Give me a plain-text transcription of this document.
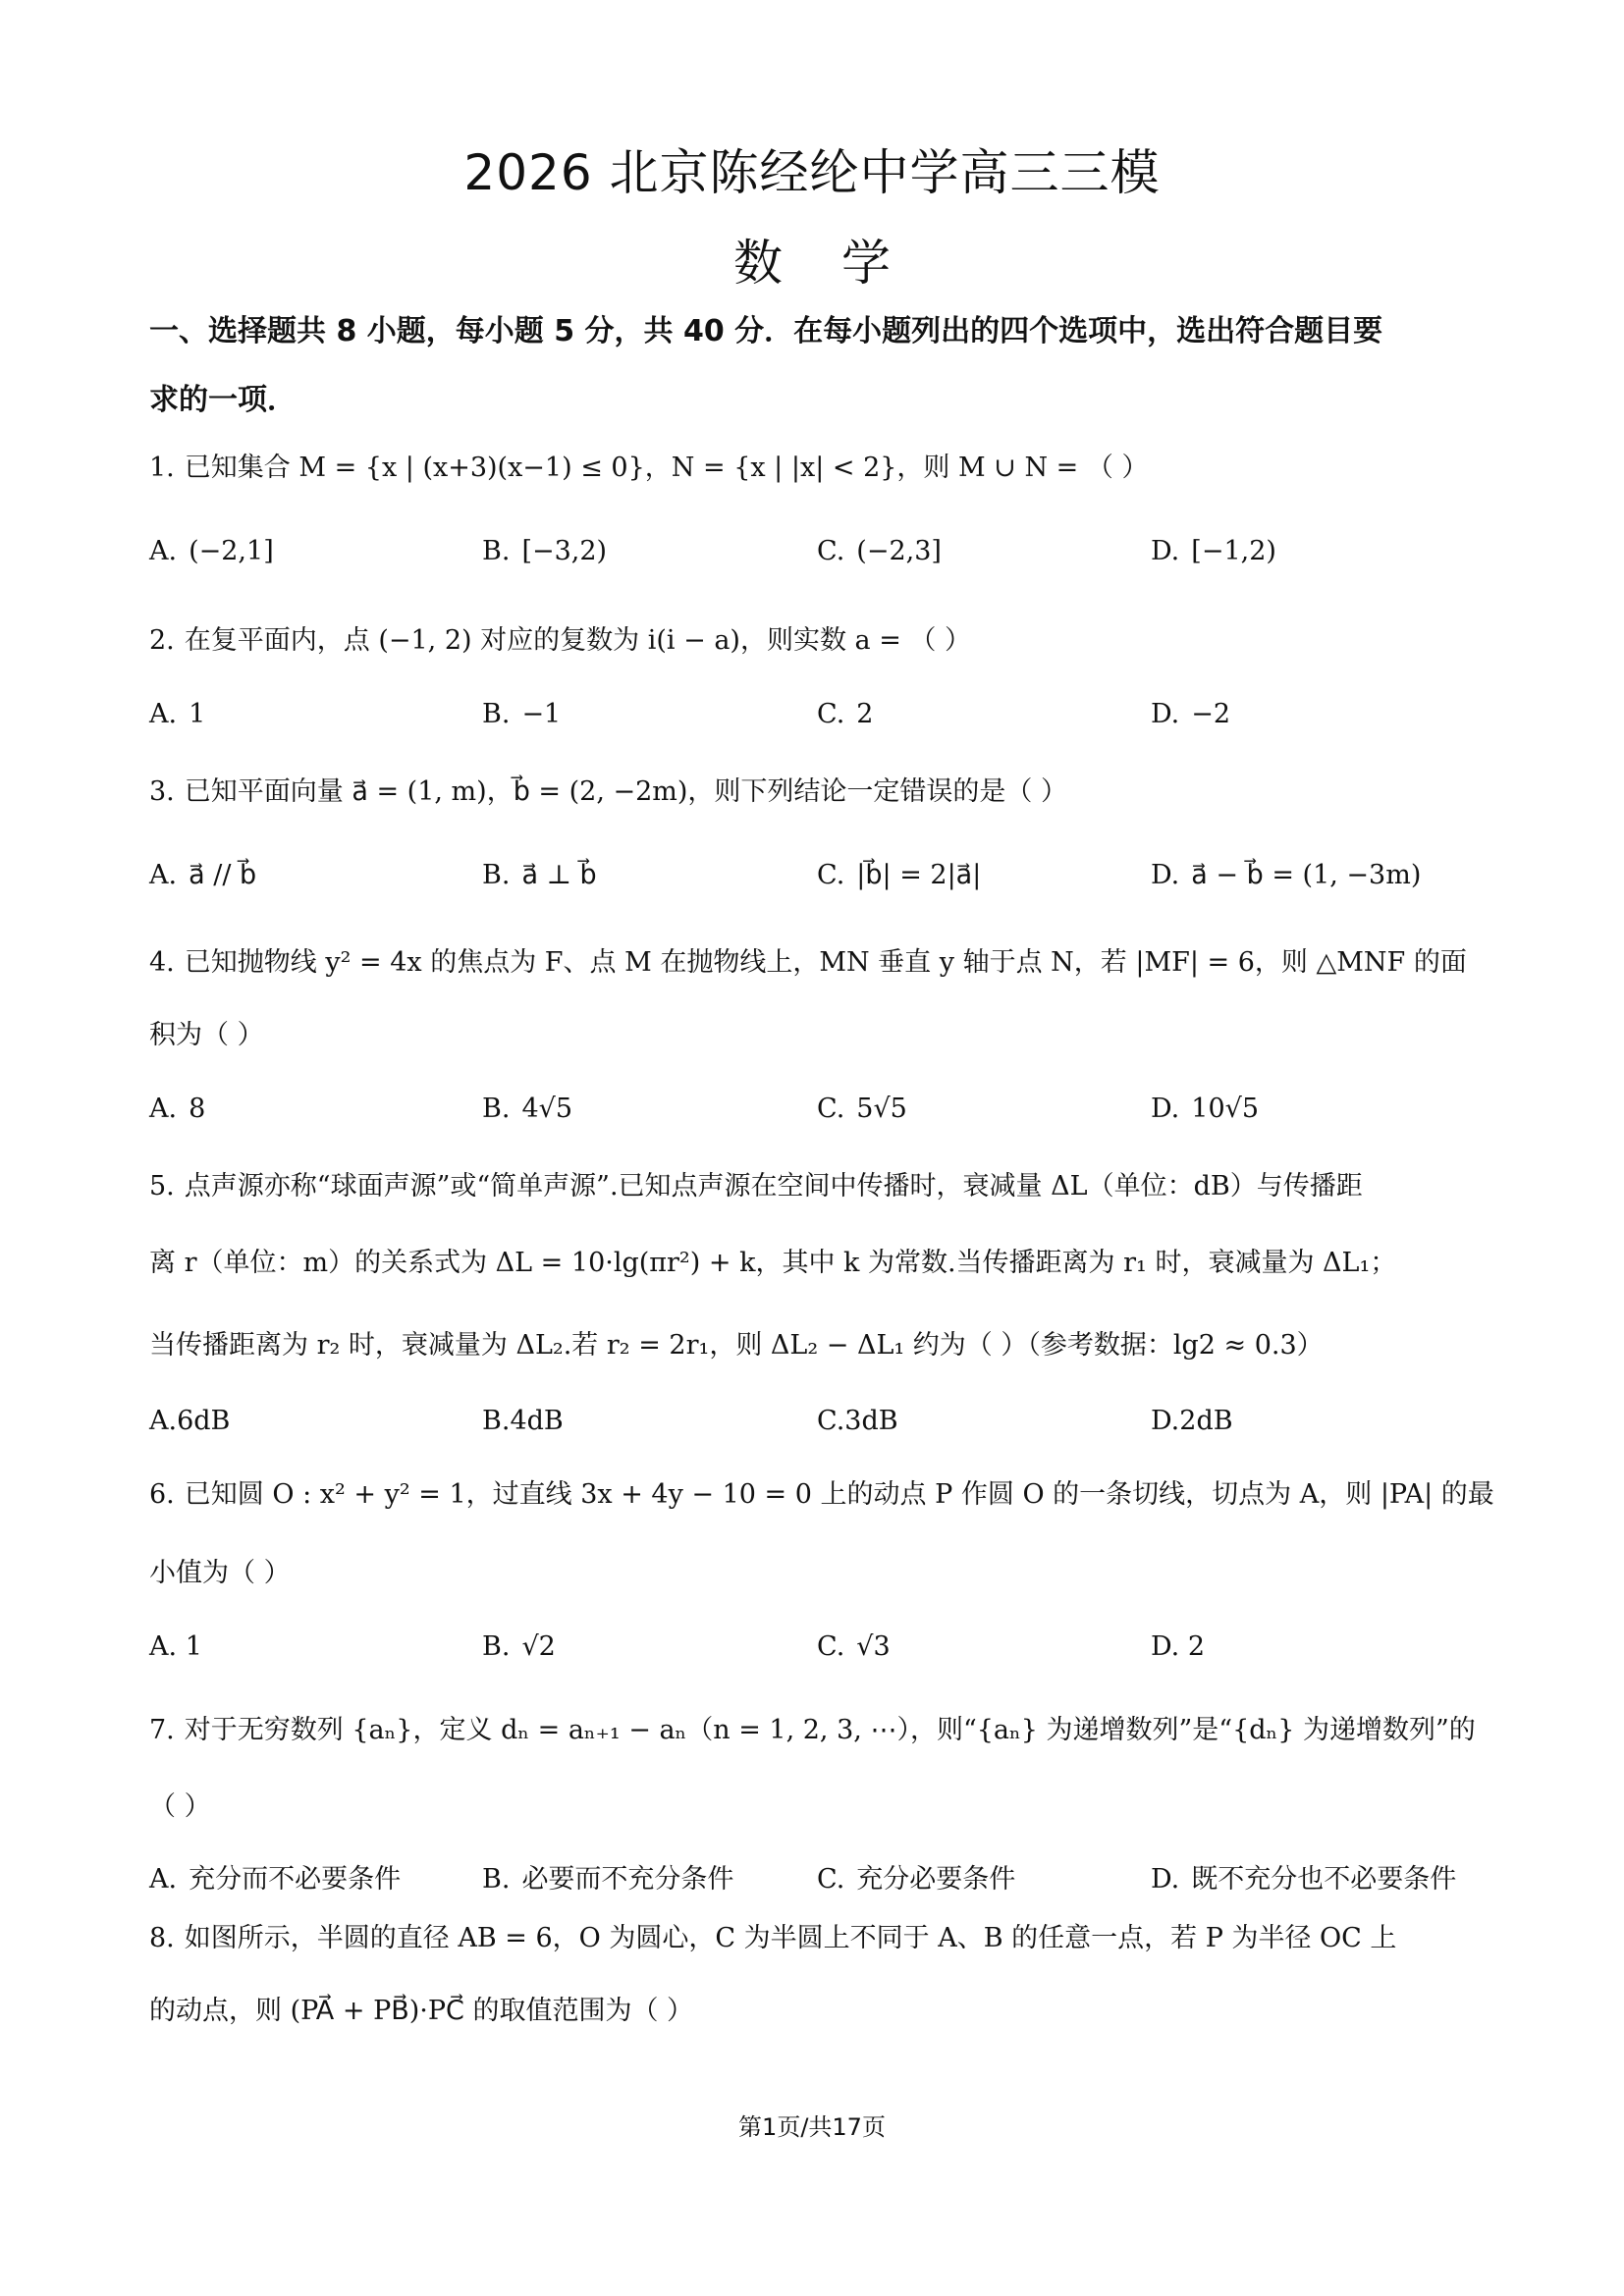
2026 北京陈经纶中学高三三模
数学
一、选择题共 8 小题，每小题 5 分，共 40 分．在每小题列出的四个选项中，选出符合题目要
求的一项．
1. 已知集合 M = {x | (x+3)(x−1) ≤ 0}，N = {x | |x| < 2}，则 M ∪ N = （ ）
A. (−2,1]	B. [−3,2)	C. (−2,3]	D. [−1,2)
2. 在复平面内，点 (−1, 2) 对应的复数为 i(i − a)，则实数 a = （ ）
A. 1	B. −1	C. 2	D. −2
3. 已知平面向量 a⃗ = (1, m)，b⃗ = (2, −2m)，则下列结论一定错误的是（ ）
A. a⃗ // b⃗	B. a⃗ ⊥ b⃗	C. |b⃗| = 2|a⃗|	D. a⃗ − b⃗ = (1, −3m)
4. 已知抛物线 y² = 4x 的焦点为 F、点 M 在抛物线上，MN 垂直 y 轴于点 N，若 |MF| = 6，则 △MNF 的面
积为（ ）
A. 8	B. 4√5	C. 5√5	D. 10√5
5. 点声源亦称“球面声源”或“简单声源”.已知点声源在空间中传播时，衰减量 ΔL（单位：dB）与传播距
离 r（单位：m）的关系式为 ΔL = 10·lg(πr²) + k，其中 k 为常数.当传播距离为 r₁ 时，衰减量为 ΔL₁；
当传播距离为 r₂ 时，衰减量为 ΔL₂.若 r₂ = 2r₁，则 ΔL₂ − ΔL₁ 约为（ ）（参考数据：lg2 ≈ 0.3）
A.6dB	B.4dB	C.3dB	D.2dB
6. 已知圆 O : x² + y² = 1，过直线 3x + 4y − 10 = 0 上的动点 P 作圆 O 的一条切线，切点为 A，则 |PA| 的最
小值为（ ）
A. 1	B. √2	C. √3	D. 2
7. 对于无穷数列 {aₙ}，定义 dₙ = aₙ₊₁ − aₙ（n = 1, 2, 3, ⋯），则“{aₙ} 为递增数列”是“{dₙ} 为递增数列”的
（ ）
A. 充分而不必要条件	B. 必要而不充分条件	C. 充分必要条件	D. 既不充分也不必要条件
8. 如图所示，半圆的直径 AB = 6，O 为圆心，C 为半圆上不同于 A、B 的任意一点，若 P 为半径 OC 上
的动点，则 (PA⃗ + PB⃗)·PC⃗ 的取值范围为（ ）
第1页/共17页
